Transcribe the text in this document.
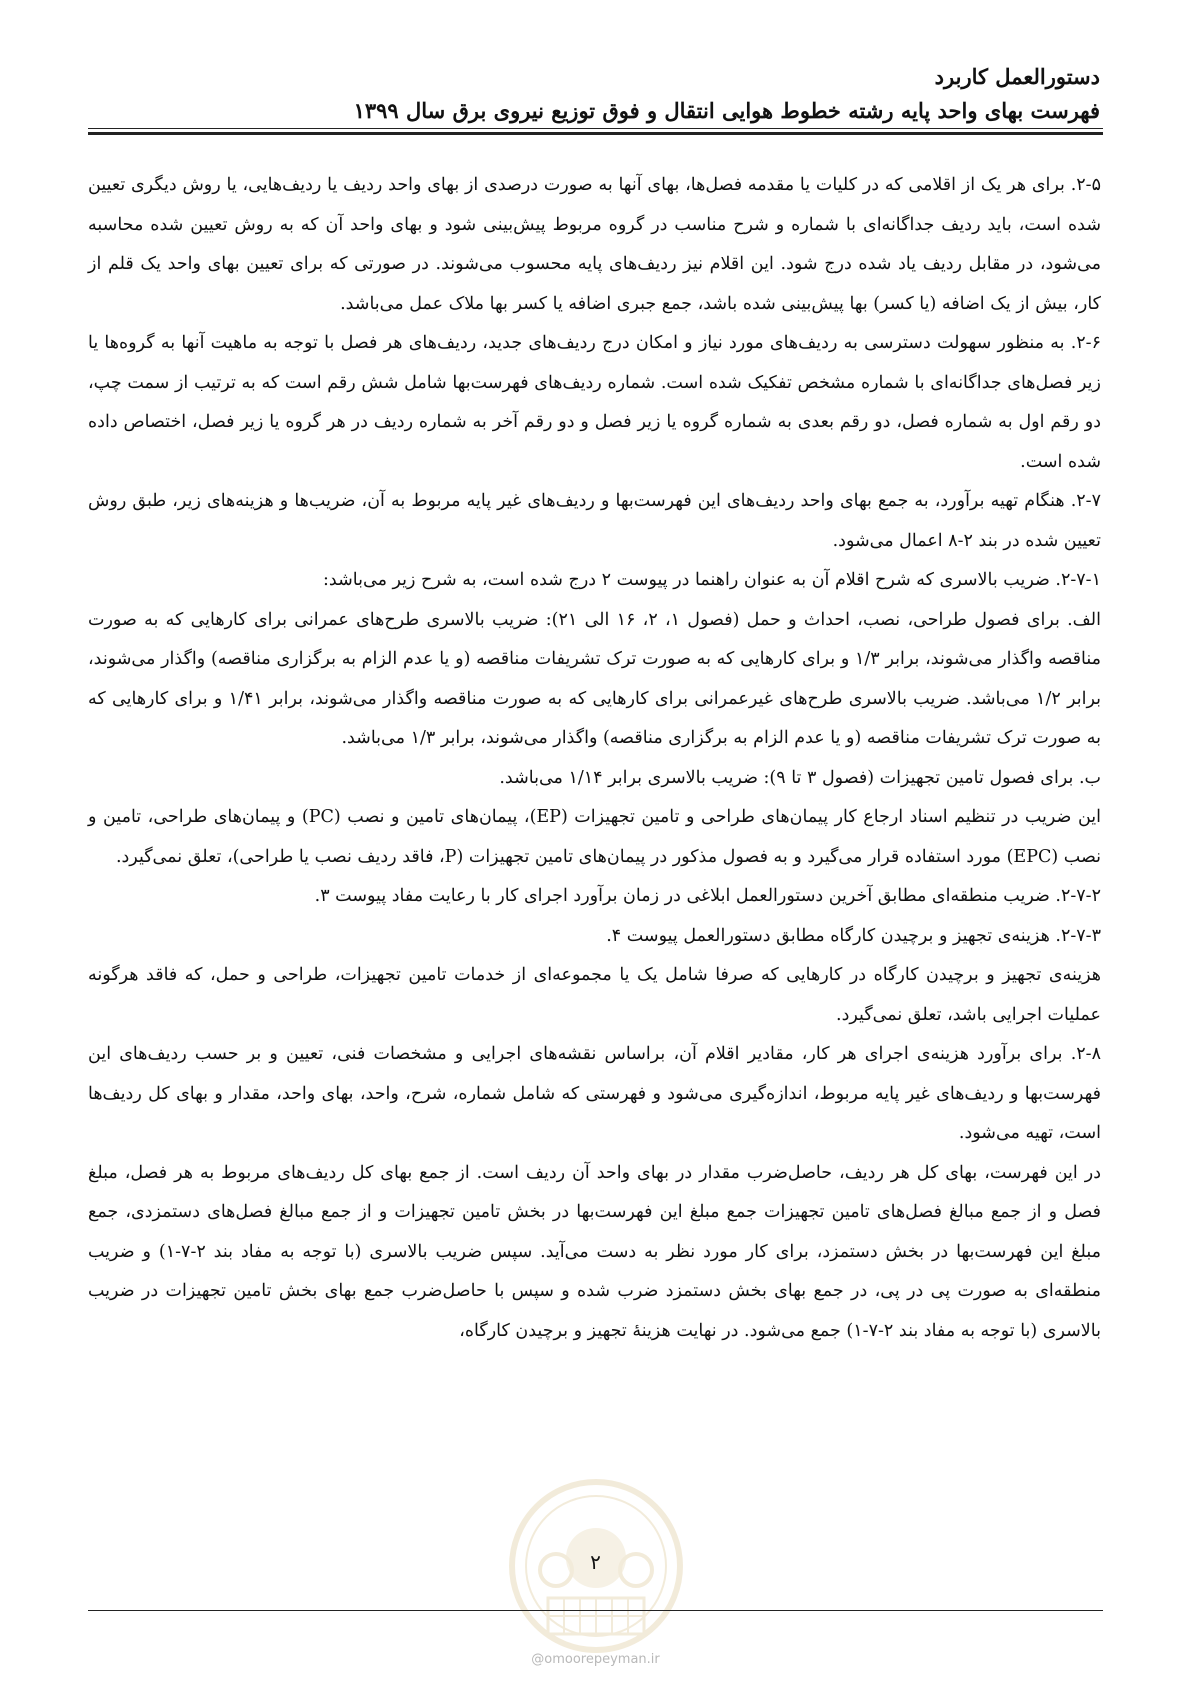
دستورالعمل کاربرد
فهرست بهای واحد پایه رشته خطوط هوایی انتقال و فوق توزیع نیروی برق سال ۱۳۹۹

۲-۵. برای هر یک از اقلامی که در کلیات یا مقدمه فصل‌ها، بهای آنها به صورت درصدی از بهای واحد ردیف یا ردیف‌هایی، یا روش دیگری تعیین شده است، باید ردیف جداگانه‌ای با شماره و شرح مناسب در گروه مربوط پیش‌بینی شود و بهای واحد آن که به روش تعیین شده محاسبه می‌شود، در مقابل ردیف یاد شده درج شود. این اقلام نیز ردیف‌های پایه محسوب می‌شوند. در صورتی که برای تعیین بهای واحد یک قلم از کار، بیش از یک اضافه (یا کسر) بها پیش‌بینی شده باشد، جمع جبری اضافه یا کسر بها ملاک عمل می‌باشد.

۲-۶. به منظور سهولت دسترسی به ردیف‌های مورد نیاز و امکان درج ردیف‌های جدید، ردیف‌های هر فصل با توجه به ماهیت آنها به گروه‌ها یا زیر فصل‌های جداگانه‌ای با شماره مشخص تفکیک شده است. شماره ردیف‌های فهرست‌بها شامل شش رقم است که به ترتیب از سمت چپ، دو رقم اول به شماره فصل، دو رقم بعدی به شماره گروه یا زیر فصل و دو رقم آخر به شماره ردیف در هر گروه یا زیر فصل، اختصاص داده شده است.

۲-۷. هنگام تهیه برآورد، به جمع بهای واحد ردیف‌های این فهرست‌بها و ردیف‌های غیر پایه مربوط به آن، ضریب‌ها و هزینه‌های زیر، طبق روش تعیین شده در بند ۲-۸ اعمال می‌شود.

۲-۷-۱. ضریب بالاسری که شرح اقلام آن به عنوان راهنما در پیوست ۲ درج شده است، به شرح زیر می‌باشد:

الف. برای فصول طراحی، نصب، احداث و حمل (فصول ۱، ۲، ۱۶ الی ۲۱): ضریب بالاسری طرح‌های عمرانی برای کارهایی که به صورت مناقصه واگذار می‌شوند، برابر ۱/۳ و برای کارهایی که به صورت ترک تشریفات مناقصه (و یا عدم الزام به برگزاری مناقصه) واگذار می‌شوند، برابر ۱/۲ می‌باشد. ضریب بالاسری طرح‌های غیرعمرانی برای کارهایی که به صورت مناقصه واگذار می‌شوند، برابر ۱/۴۱ و برای کارهایی که به صورت ترک تشریفات مناقصه (و یا عدم الزام به برگزاری مناقصه) واگذار می‌شوند، برابر ۱/۳ می‌باشد.

ب. برای فصول تامین تجهیزات (فصول ۳ تا ۹): ضریب بالاسری برابر ۱/۱۴ می‌باشد.

این ضریب در تنظیم اسناد ارجاع کار پیمان‌های طراحی و تامین تجهیزات (EP)، پیمان‌های تامین و نصب (PC) و پیمان‌های طراحی، تامین و نصب (EPC) مورد استفاده قرار می‌گیرد و به فصول مذکور در پیمان‌های تامین تجهیزات (P، فاقد ردیف نصب یا طراحی)، تعلق نمی‌گیرد.

۲-۷-۲. ضریب منطقه‌ای مطابق آخرین دستورالعمل ابلاغی در زمان برآورد اجرای کار با رعایت مفاد پیوست ۳.

۲-۷-۳. هزینه‌ی تجهیز و برچیدن کارگاه مطابق دستورالعمل پیوست ۴.

هزینه‌ی تجهیز و برچیدن کارگاه در کارهایی که صرفا شامل یک یا مجموعه‌ای از خدمات تامین تجهیزات، طراحی و حمل، که فاقد هرگونه عملیات اجرایی باشد، تعلق نمی‌گیرد.

۲-۸. برای برآورد هزینه‌ی اجرای هر کار، مقادیر اقلام آن، براساس نقشه‌های اجرایی و مشخصات فنی، تعیین و بر حسب ردیف‌های این فهرست‌بها و ردیف‌های غیر پایه مربوط، اندازه‌گیری می‌شود و فهرستی که شامل شماره، شرح، واحد، بهای واحد، مقدار و بهای کل ردیف‌ها است، تهیه می‌شود.

در این فهرست، بهای کل هر ردیف، حاصل‌ضرب مقدار در بهای واحد آن ردیف است. از جمع بهای کل ردیف‌های مربوط به هر فصل، مبلغ فصل و از جمع مبالغ فصل‌های تامین تجهیزات جمع مبلغ این فهرست‌بها در بخش تامین تجهیزات و از جمع مبالغ فصل‌های دستمزدی، جمع مبلغ این فهرست‌بها در بخش دستمزد، برای کار مورد نظر به دست می‌آید. سپس ضریب بالاسری (با توجه به مفاد بند ۲-۷-۱) و ضریب منطقه‌ای به صورت پی در پی، در جمع بهای بخش دستمزد ضرب شده و سپس با حاصل‌ضرب جمع بهای بخش تامین تجهیزات در ضریب بالاسری (با توجه به مفاد بند ۲-۷-۱) جمع می‌شود. در نهایت هزینهٔ تجهیز و برچیدن کارگاه،

۲
@omoorepeyman.ir
